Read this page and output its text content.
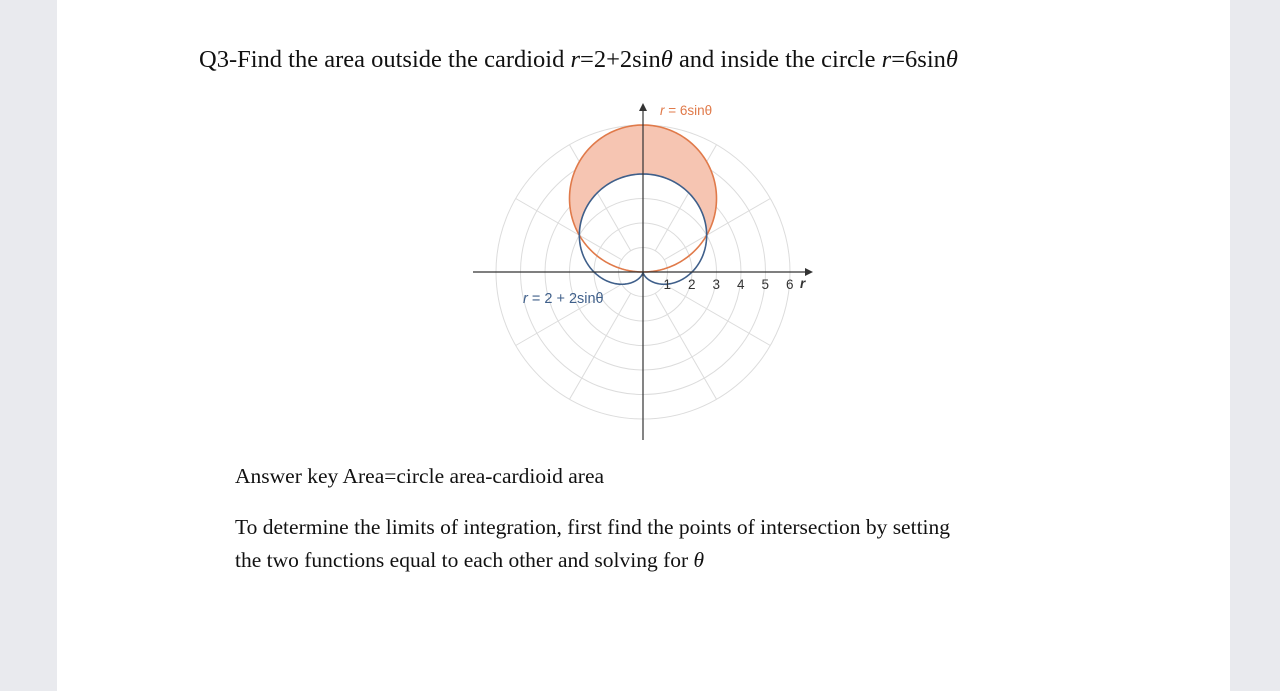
Q3-Find the area outside the cardioid r=2+2sinθ and inside the circle r=6sinθ
1 2 3 4 5 6 r
r = 6sinθ
r = 2 + 2sinθ
Answer key Area=circle area-cardioid area
To determine the limits of integration, first find the points of intersection by setting
the two functions equal to each other and solving for θ
